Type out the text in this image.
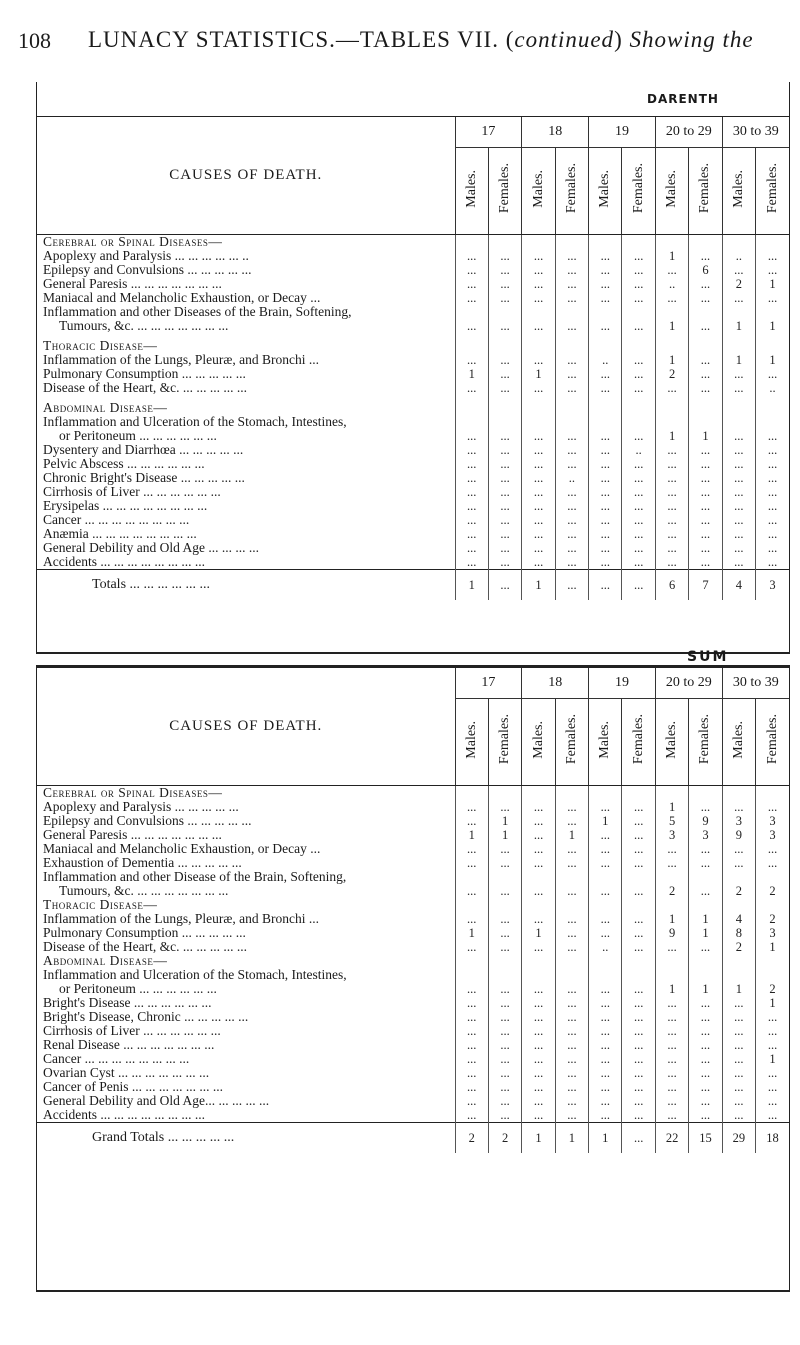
108 LUNACY STATISTICS.—TABLES VII. (continued) Showing the
DARENTH
CAUSES OF DEATH.	17		18		19		20 to 29		30 to 39	
	Males.	Females.	Males.	Females.	Males.	Females.	Males.	Females.	Males.	Females.
Cerebral or Spinal Diseases—										
Apoplexy and Paralysis ... ... ... ... ... ..	...	...	...	...	...	...	1	...	..	...
Epilepsy and Convulsions ... ... ... ... ...	...	...	...	...	...	...	...	6	...	...
General Paresis ... ... ... ... ... ... ...	...	...	...	...	...	...	..	...	2	1
Maniacal and Melancholic Exhaustion, or Decay ...	...	...	...	...	...	...	...	...	...	...
Inflammation and other Diseases of the Brain, Softening,										
Tumours, &c. ... ... ... ... ... ... ...	...	...	...	...	...	...	1	...	1	1

Thoracic Disease—										
Inflammation of the Lungs, Pleuræ, and Bronchi ...	...	...	...	...	..	...	1	...	1	1
Pulmonary Consumption ... ... ... ... ...	1	...	1	...	...	...	2	...	...	...
Disease of the Heart, &c. ... ... ... ... ...	...	...	...	...	...	...	...	...	...	..

Abdominal Disease—										
Inflammation and Ulceration of the Stomach, Intestines,										
or Peritoneum ... ... ... ... ... ...	...	...	...	...	...	...	1	1	...	...
Dysentery and Diarrhœa ... ... ... ... ...	...	...	...	...	...	..	...	...	...	...
Pelvic Abscess ... ... ... ... ... ...	...	...	...	...	...	...	...	...	...	...
Chronic Bright's Disease ... ... ... ... ...	...	...	...	..	...	...	...	...	...	...
Cirrhosis of Liver ... ... ... ... ... ...	...	...	...	...	...	...	...	...	...	...
Erysipelas ... ... ... ... ... ... ... ...	...	...	...	...	...	...	...	...	...	...
Cancer ... ... ... ... ... ... ... ...	...	...	...	...	...	...	...	...	...	...
Anæmia ... ... ... ... ... ... ... ...	...	...	...	...	...	...	...	...	...	...
General Debility and Old Age ... ... ... ...	...	...	...	...	...	...	...	...	...	...
Accidents ... ... ... ... ... ... ... ...	...	...	...	...	...	...	...	...	...	...
Totals ... ... ... ... ... ...	1	...	1	...	...	...	6	7	4	3
SUM
CAUSES OF DEATH.	17		18		19		20 to 29		30 to 39	
	Males.	Females.	Males.	Females.	Males.	Females.	Males.	Females.	Males.	Females.
Cerebral or Spinal Diseases—										
Apoplexy and Paralysis ... ... ... ... ...	...	...	...	...	...	...	1	...	...	...
Epilepsy and Convulsions ... ... ... ... ...	...	1	...	...	1	...	5	9	3	3
General Paresis ... ... ... ... ... ... ...	1	1	...	1	...	...	3	3	9	3
Maniacal and Melancholic Exhaustion, or Decay ...	...	...	...	...	...	...	...	...	...	...
Exhaustion of Dementia ... ... ... ... ...	...	...	...	...	...	...	...	...	...	...
Inflammation and other Disease of the Brain, Softening,										
Tumours, &c. ... ... ... ... ... ... ...	...	...	...	...	...	...	2	...	2	2
Thoracic Disease—										
Inflammation of the Lungs, Pleuræ, and Bronchi ...	...	...	...	...	...	...	1	1	4	2
Pulmonary Consumption ... ... ... ... ...	1	...	1	...	...	...	9	1	8	3
Disease of the Heart, &c. ... ... ... ... ...	...	...	...	...	..	...	...	...	2	1
Abdominal Disease—										
Inflammation and Ulceration of the Stomach, Intestines,										
or Peritoneum ... ... ... ... ... ...	...	...	...	...	...	...	1	1	1	2
Bright's Disease ... ... ... ... ... ...	...	...	...	...	...	...	...	...	...	1
Bright's Disease, Chronic ... ... ... ... ...	...	...	...	...	...	...	...	...	...	...
Cirrhosis of Liver ... ... ... ... ... ...	...	...	...	...	...	...	...	...	...	...
Renal Disease ... ... ... ... ... ... ...	...	...	...	...	...	...	...	...	...	...
Cancer ... ... ... ... ... ... ... ...	...	...	...	...	...	...	...	...	...	1
Ovarian Cyst ... ... ... ... ... ... ...	...	...	...	...	...	...	...	...	...	...
Cancer of Penis ... ... ... ... ... ... ...	...	...	...	...	...	...	...	...	...	...
General Debility and Old Age... ... ... ... ...	...	...	...	...	...	...	...	...	...	...
Accidents ... ... ... ... ... ... ... ...	...	...	...	...	...	...	...	...	...	...
Grand Totals ... ... ... ... ...	2	2	1	1	1	...	22	15	29	18
